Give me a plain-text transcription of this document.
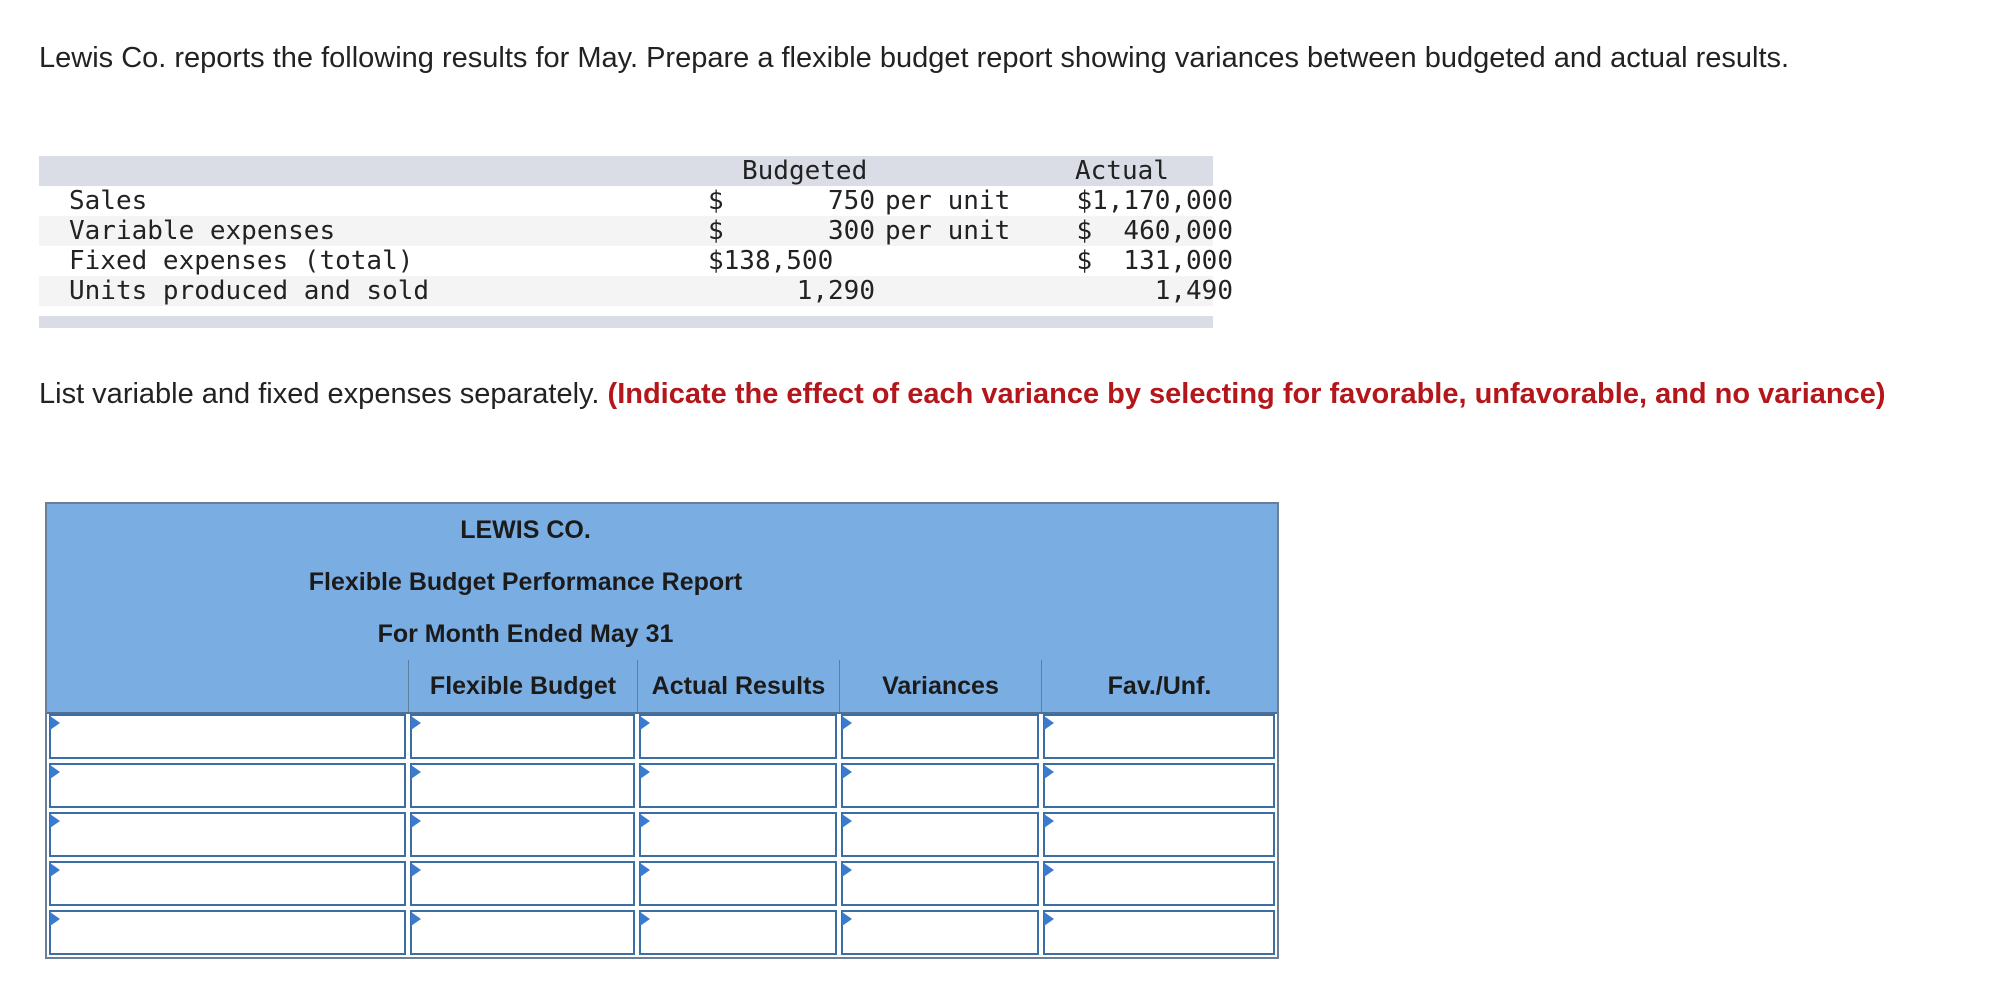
Lewis Co. reports the following results for May. Prepare a flexible budget report showing variances between budgeted and actual results.

Budgeted	Actual
Sales	$	750 per unit	$1,170,000
Variable expenses	$	300 per unit	$  460,000
Fixed expenses (total)	$138,500	$  131,000
Units produced and sold	1,290	1,490

List variable and fixed expenses separately. (Indicate the effect of each variance by selecting for favorable, unfavorable, and no variance)

LEWIS CO.
Flexible Budget Performance Report
For Month Ended May 31
Flexible Budget	Actual Results	Variances	Fav./Unf.
